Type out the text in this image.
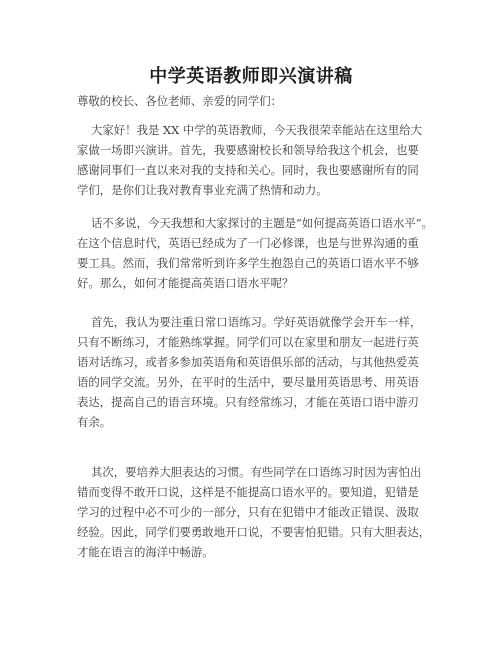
中学英语教师即兴演讲稿
尊敬的校长、各位老师、亲爱的同学们：
大家好！我是 XX 中学的英语教师，今天我很荣幸能站在这里给大
家做一场即兴演讲。首先，我要感谢校长和领导给我这个机会，也要
感谢同事们一直以来对我的支持和关心。同时，我也要感谢所有的同
学们，是你们让我对教育事业充满了热情和动力。
话不多说，今天我想和大家探讨的主题是“如何提高英语口语水平”。
在这个信息时代，英语已经成为了一门必修课，也是与世界沟通的重
要工具。然而，我们常常听到许多学生抱怨自己的英语口语水平不够
好。那么，如何才能提高英语口语水平呢？
首先，我认为要注重日常口语练习。学好英语就像学会开车一样，
只有不断练习，才能熟练掌握。同学们可以在家里和朋友一起进行英
语对话练习，或者多参加英语角和英语俱乐部的活动，与其他热爱英
语的同学交流。另外，在平时的生活中，要尽量用英语思考、用英语
表达，提高自己的语言环境。只有经常练习，才能在英语口语中游刃
有余。
其次，要培养大胆表达的习惯。有些同学在口语练习时因为害怕出
错而变得不敢开口说，这样是不能提高口语水平的。要知道，犯错是
学习的过程中必不可少的一部分，只有在犯错中才能改正错误、汲取
经验。因此，同学们要勇敢地开口说，不要害怕犯错。只有大胆表达，
才能在语言的海洋中畅游。
